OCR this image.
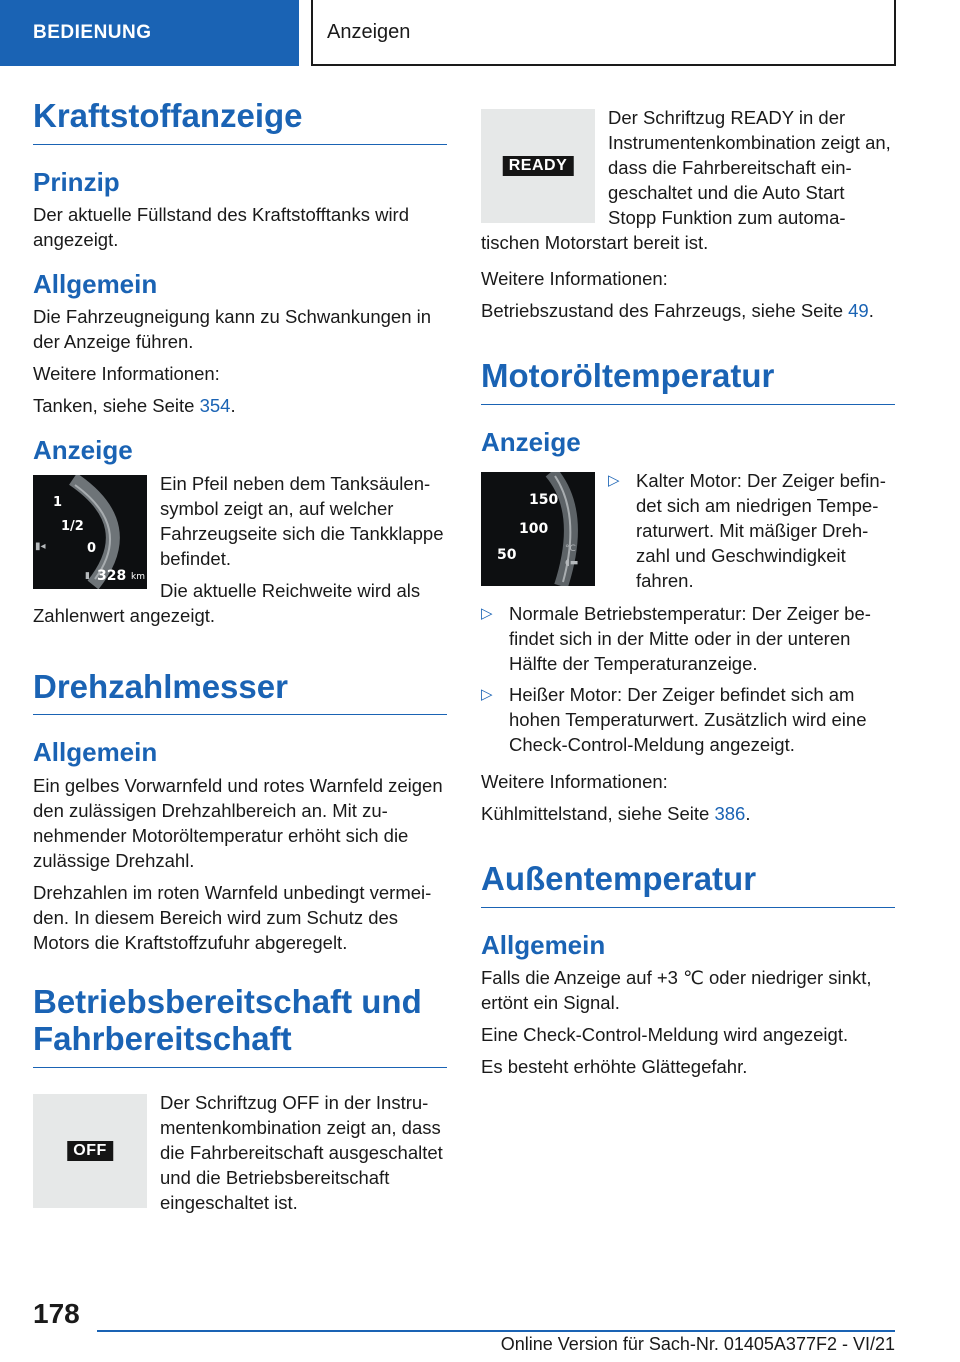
BEDIENUNG	Anzeigen
Kraftstoffanzeige
Prinzip

Der aktuelle Füllstand des Kraftstofftanks wird angezeigt.

Allgemein

Die Fahrzeugneigung kann zu Schwankungen in der Anzeige führen.

Weitere Informationen:

Tanken, siehe Seite 354.

Anzeige
1
1/2
0
▮◂
▮ 328 km

Ein Pfeil neben dem Tanksäulensymbol zeigt an, auf welcher Fahrzeugseite sich die Tankklappe befindet.

Die aktuelle Reichweite wird als Zahlenwert angezeigt.

Drehzahlmesser
Allgemein

Ein gelbes Vorwarnfeld und rotes Warnfeld zeigen den zulässigen Drehzahlbereich an. Mit zunehmender Motoröltemperatur erhöht sich die zulässige Drehzahl.

Drehzahlen im roten Warnfeld unbedingt vermeiden. In diesem Bereich wird zum Schutz des Motors die Kraftstoffzufuhr abgeregelt.

Betriebsbereitschaft und Fahrbereitschaft
OFF

Der Schriftzug OFF in der Instrumentenkombination zeigt an, dass die Fahrbereitschaft ausgeschaltet und die Betriebsbereitschaft eingeschaltet ist.

READY

Der Schriftzug READY in der Instrumentenkombination zeigt an, dass die Fahrbereitschaft eingeschaltet und die Auto Start Stopp Funktion zum automatischen Motorstart bereit ist.

Weitere Informationen:

Betriebszustand des Fahrzeugs, siehe Seite 49.

Motoröltemperatur
Anzeige
150
100
50	°C
◖▬
▷ Kalter Motor: Der Zeiger befindet sich am niedrigen Temperaturwert. Mit mäßiger Drehzahl und Geschwindigkeit fahren.
▷ Normale Betriebstemperatur: Der Zeiger befindet sich in der Mitte oder in der unteren Hälfte der Temperaturanzeige.
▷ Heißer Motor: Der Zeiger befindet sich am hohen Temperaturwert. Zusätzlich wird eine Check-Control-Meldung angezeigt.

Weitere Informationen:

Kühlmittelstand, siehe Seite 386.

Außentemperatur
Allgemein

Falls die Anzeige auf +3 ℃ oder niedriger sinkt, ertönt ein Signal.

Eine Check-Control-Meldung wird angezeigt.

Es besteht erhöhte Glättegefahr.

178
Online Version für Sach-Nr. 01405A377F2 - VI/21
